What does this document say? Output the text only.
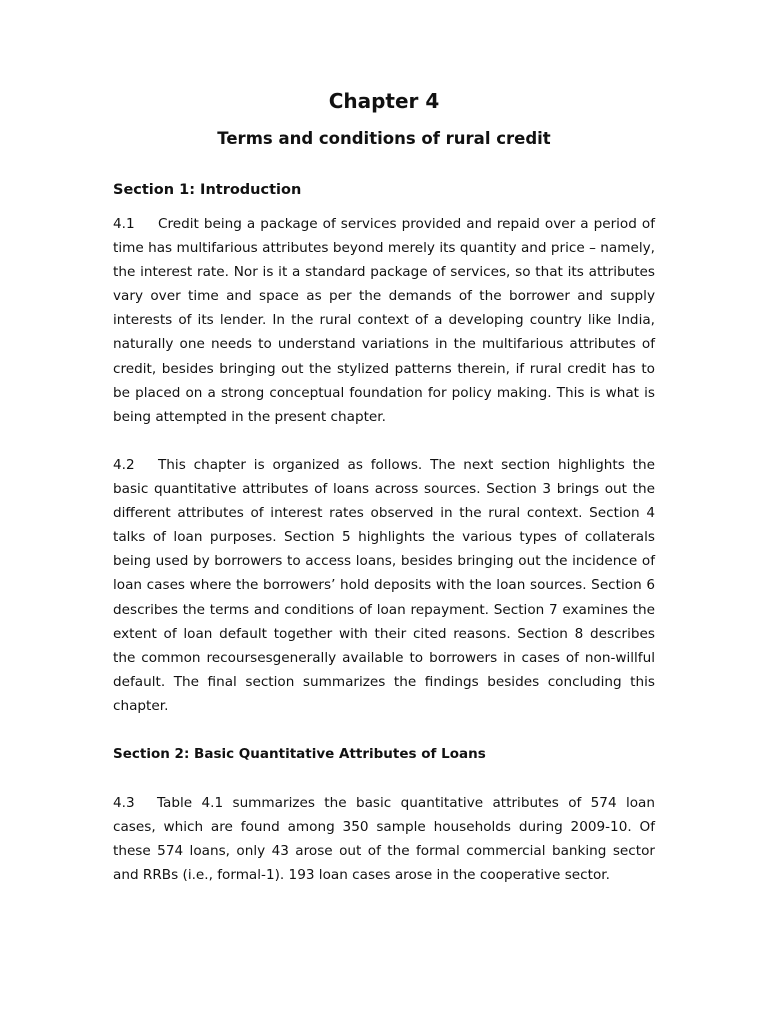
Chapter 4
Terms and conditions of rural credit
Section 1: Introduction
4.1 Credit being a package of services provided and repaid over a period of time has multifarious attributes beyond merely its quantity and price – namely, the interest rate. Nor is it a standard package of services, so that its attributes vary over time and space as per the demands of the borrower and supply interests of its lender. In the rural context of a developing country like India, naturally one needs to understand variations in the multifarious attributes of credit, besides bringing out the stylized patterns therein, if rural credit has to be placed on a strong conceptual foundation for policy making. This is what is being attempted in the present chapter.
4.2 This chapter is organized as follows. The next section highlights the basic quantitative attributes of loans across sources. Section 3 brings out the different attributes of interest rates observed in the rural context. Section 4 talks of loan purposes. Section 5 highlights the various types of collaterals being used by borrowers to access loans, besides bringing out the incidence of loan cases where the borrowers’ hold deposits with the loan sources. Section 6 describes the terms and conditions of loan repayment. Section 7 examines the extent of loan default together with their cited reasons. Section 8 describes the common recoursesgenerally available to borrowers in cases of non-willful default. The final section summarizes the findings besides concluding this chapter.
Section 2: Basic Quantitative Attributes of Loans
4.3 Table 4.1 summarizes the basic quantitative attributes of 574 loan cases, which are found among 350 sample households during 2009-10. Of these 574 loans, only 43 arose out of the formal commercial banking sector and RRBs (i.e., formal-1). 193 loan cases arose in the cooperative sector.
